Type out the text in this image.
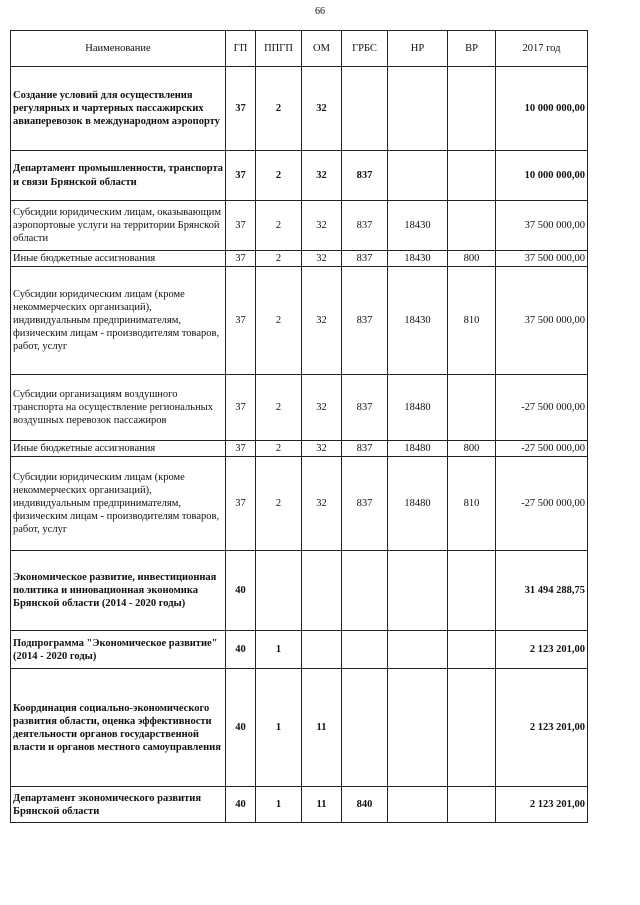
66
Наименование	ГП	ППГП	ОМ	ГРБС	НР	ВР	2017 год
Создание условий для осуществления регулярных и чартерных пассажирских авиаперевозок в международном аэропорту	37	2	32				10 000 000,00
Департамент промышленности, транспорта и связи Брянской области	37	2	32	837			10 000 000,00
Субсидии юридическим лицам, оказывающим аэропортовые услуги на территории Брянской области	37	2	32	837	18430		37 500 000,00
Иные бюджетные ассигнования	37	2	32	837	18430	800	37 500 000,00
Субсидии юридическим лицам (кроме некоммерческих организаций), индивидуальным предпринимателям, физическим лицам - производителям товаров, работ, услуг	37	2	32	837	18430	810	37 500 000,00
Субсидии организациям воздушного транспорта на осуществление региональных воздушных перевозок пассажиров	37	2	32	837	18480		-27 500 000,00
Иные бюджетные ассигнования	37	2	32	837	18480	800	-27 500 000,00
Субсидии юридическим лицам (кроме некоммерческих организаций), индивидуальным предпринимателям, физическим лицам - производителям товаров, работ, услуг	37	2	32	837	18480	810	-27 500 000,00
Экономическое развитие, инвестиционная политика и инновационная экономика Брянской области (2014 - 2020 годы)	40						31 494 288,75
Подпрограмма "Экономическое развитие" (2014 - 2020 годы)	40	1					2 123 201,00
Координация социально-экономического развития области, оценка эффективности деятельности органов государственной власти и органов местного самоуправления	40	1	11				2 123 201,00
Департамент экономического развития Брянской области	40	1	11	840			2 123 201,00
